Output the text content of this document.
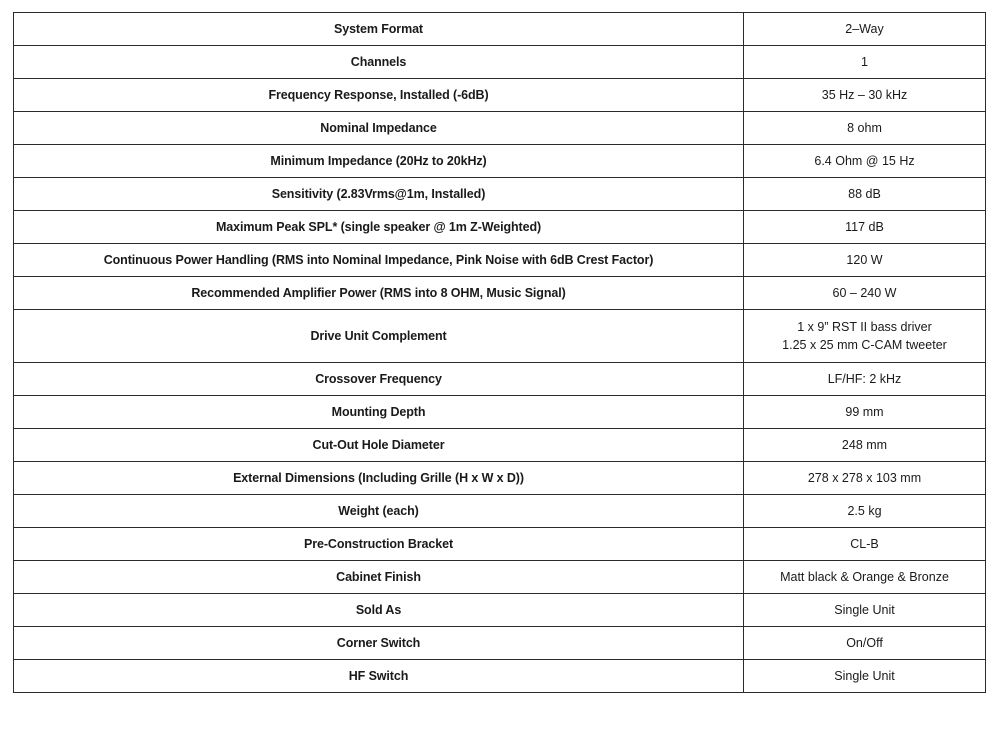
System Format	2–Way

Channels	1

Frequency Response, Installed (-6dB)	35 Hz – 30 kHz

Nominal Impedance	8 ohm

Minimum Impedance (20Hz to 20kHz)	6.4 Ohm @ 15 Hz

Sensitivity (2.83Vrms@1m, Installed)	88 dB

Maximum Peak SPL* (single speaker @ 1m Z-Weighted)	117 dB

Continuous Power Handling (RMS into Nominal Impedance, Pink Noise with 6dB Crest Factor)	120 W

Recommended Amplifier Power (RMS into 8 OHM, Music Signal)	60 – 240 W

Drive Unit Complement	1 x 9” RST II bass driver
1.25 x 25 mm C-CAM tweeter

Crossover Frequency	LF/HF: 2 kHz

Mounting Depth	99 mm

Cut-Out Hole Diameter	248 mm

External Dimensions (Including Grille (H x W x D))	278 x 278 x 103 mm

Weight (each)	2.5 kg

Pre-Construction Bracket	CL-B

Cabinet Finish	Matt black & Orange & Bronze

Sold As	Single Unit

Corner Switch	On/Off

HF Switch	Single Unit
